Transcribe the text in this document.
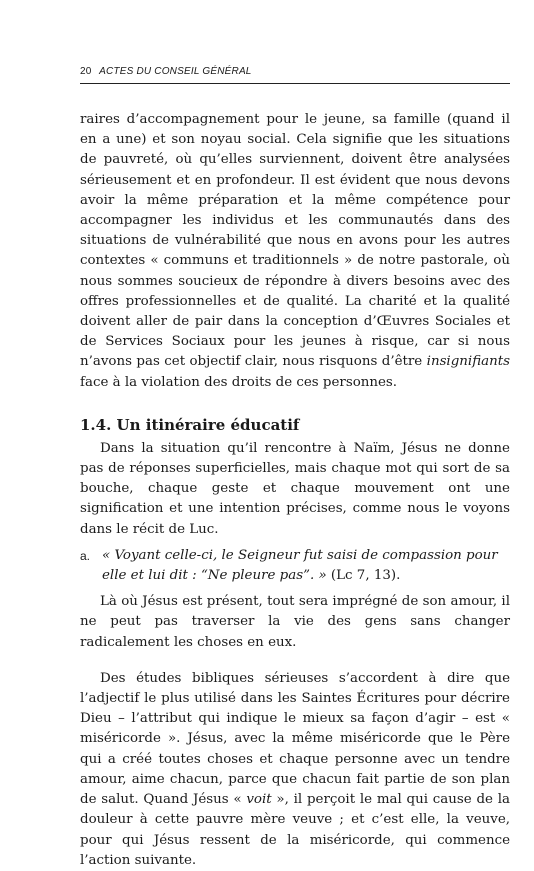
20 ACTES DU CONSEIL GÉNÉRAL

raires d’accompagnement pour le jeune, sa famille (quand il en a une) et son noyau social. Cela signifie que les situations de pauvreté, où qu’elles surviennent, doivent être analysées sérieusement et en profondeur. Il est évident que nous devons avoir la même préparation et la même compétence pour accompagner les individus et les communautés dans des situations de vulnérabilité que nous en avons pour les autres contextes « communs et traditionnels » de notre pastorale, où nous sommes soucieux de répondre à divers besoins avec des offres professionnelles et de qualité. La charité et la qualité doivent aller de pair dans la conception d’Œuvres Sociales et de Services Sociaux pour les jeunes à risque, car si nous n’avons pas cet objectif clair, nous risquons d’être insignifiants face à la violation des droits de ces personnes.

1.4. Un itinéraire éducatif

Dans la situation qu’il rencontre à Naïm, Jésus ne donne pas de réponses superficielles, mais chaque mot qui sort de sa bouche, chaque geste et chaque mouvement ont une signification et une intention précises, comme nous le voyons dans le récit de Luc.

a. « Voyant celle-ci, le Seigneur fut saisi de compassion pour elle et lui dit : “Ne pleure pas”. » (Lc 7, 13).

Là où Jésus est présent, tout sera imprégné de son amour, il ne peut pas traverser la vie des gens sans changer radicalement les choses en eux.

Des études bibliques sérieuses s’accordent à dire que l’adjectif le plus utilisé dans les Saintes Écritures pour décrire Dieu – l’attribut qui indique le mieux sa façon d’agir – est « miséricorde ». Jésus, avec la même miséricorde que le Père qui a créé toutes choses et chaque personne avec un tendre amour, aime chacun, parce que chacun fait partie de son plan de salut. Quand Jésus « voit », il perçoit le mal qui cause de la douleur à cette pauvre mère veuve ; et c’est elle, la veuve, pour qui Jésus ressent de la miséricorde, qui commence l’action suivante.
